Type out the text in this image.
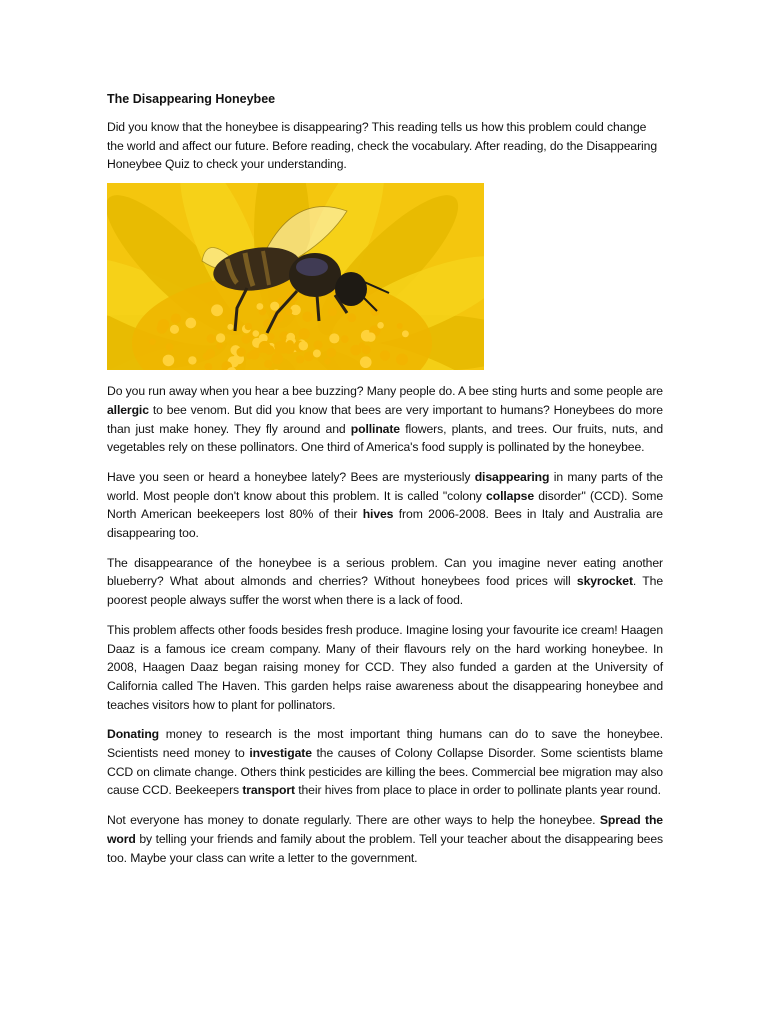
The Disappearing Honeybee
Did you know that the honeybee is disappearing? This reading tells us how this problem could change the world and affect our future. Before reading, check the vocabulary. After reading, do the Disappearing Honeybee Quiz to check your understanding.
Do you run away when you hear a bee buzzing? Many people do. A bee sting hurts and some people are allergic to bee venom. But did you know that bees are very important to humans? Honeybees do more than just make honey. They fly around and pollinate flowers, plants, and trees. Our fruits, nuts, and vegetables rely on these pollinators. One third of America's food supply is pollinated by the honeybee.
Have you seen or heard a honeybee lately? Bees are mysteriously disappearing in many parts of the world. Most people don't know about this problem. It is called "colony collapse disorder" (CCD). Some North American beekeepers lost 80% of their hives from 2006-2008. Bees in Italy and Australia are disappearing too.
The disappearance of the honeybee is a serious problem. Can you imagine never eating another blueberry? What about almonds and cherries? Without honeybees food prices will skyrocket. The poorest people always suffer the worst when there is a lack of food.
This problem affects other foods besides fresh produce. Imagine losing your favourite ice cream! Haagen Daaz is a famous ice cream company. Many of their flavours rely on the hard working honeybee. In 2008, Haagen Daaz began raising money for CCD. They also funded a garden at the University of California called The Haven. This garden helps raise awareness about the disappearing honeybee and teaches visitors how to plant for pollinators.
Donating money to research is the most important thing humans can do to save the honeybee. Scientists need money to investigate the causes of Colony Collapse Disorder. Some scientists blame CCD on climate change. Others think pesticides are killing the bees. Commercial bee migration may also cause CCD. Beekeepers transport their hives from place to place in order to pollinate plants year round.
Not everyone has money to donate regularly. There are other ways to help the honeybee. Spread the word by telling your friends and family about the problem. Tell your teacher about the disappearing bees too. Maybe your class can write a letter to the government.
